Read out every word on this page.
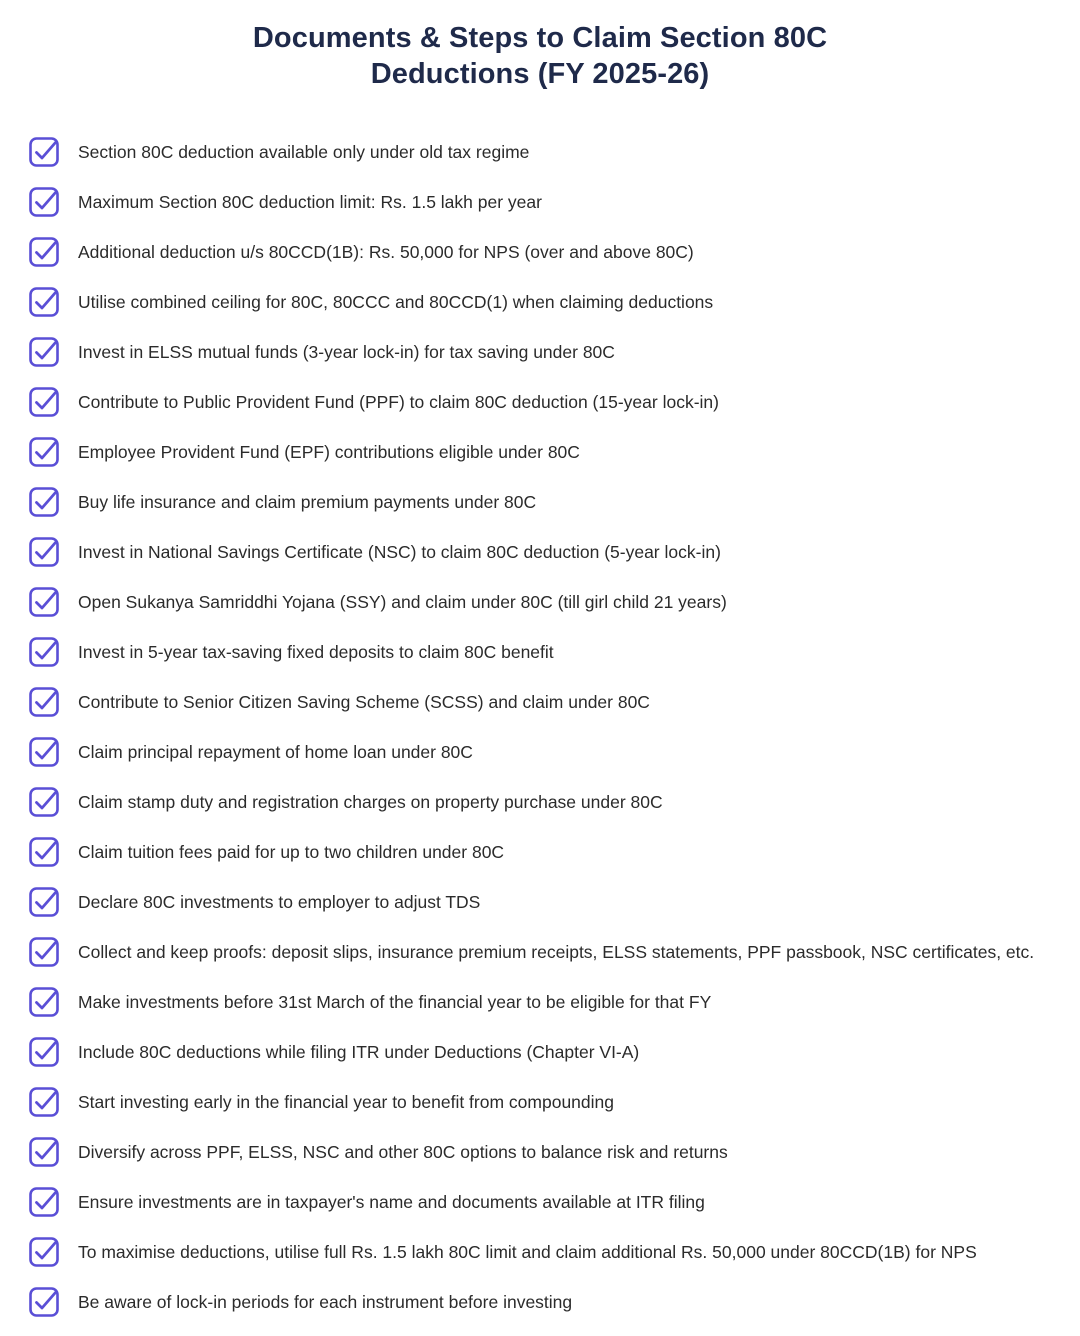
Documents & Steps to Claim Section 80C
Deductions (FY 2025-26)
Section 80C deduction available only under old tax regime
Maximum Section 80C deduction limit: Rs. 1.5 lakh per year
Additional deduction u/s 80CCD(1B): Rs. 50,000 for NPS (over and above 80C)
Utilise combined ceiling for 80C, 80CCC and 80CCD(1) when claiming deductions
Invest in ELSS mutual funds (3-year lock-in) for tax saving under 80C
Contribute to Public Provident Fund (PPF) to claim 80C deduction (15-year lock-in)
Employee Provident Fund (EPF) contributions eligible under 80C
Buy life insurance and claim premium payments under 80C
Invest in National Savings Certificate (NSC) to claim 80C deduction (5-year lock-in)
Open Sukanya Samriddhi Yojana (SSY) and claim under 80C (till girl child 21 years)
Invest in 5-year tax-saving fixed deposits to claim 80C benefit
Contribute to Senior Citizen Saving Scheme (SCSS) and claim under 80C
Claim principal repayment of home loan under 80C
Claim stamp duty and registration charges on property purchase under 80C
Claim tuition fees paid for up to two children under 80C
Declare 80C investments to employer to adjust TDS
Collect and keep proofs: deposit slips, insurance premium receipts, ELSS statements, PPF passbook, NSC certificates, etc.
Make investments before 31st March of the financial year to be eligible for that FY
Include 80C deductions while filing ITR under Deductions (Chapter VI-A)
Start investing early in the financial year to benefit from compounding
Diversify across PPF, ELSS, NSC and other 80C options to balance risk and returns
Ensure investments are in taxpayer's name and documents available at ITR filing
To maximise deductions, utilise full Rs. 1.5 lakh 80C limit and claim additional Rs. 50,000 under 80CCD(1B) for NPS
Be aware of lock-in periods for each instrument before investing
